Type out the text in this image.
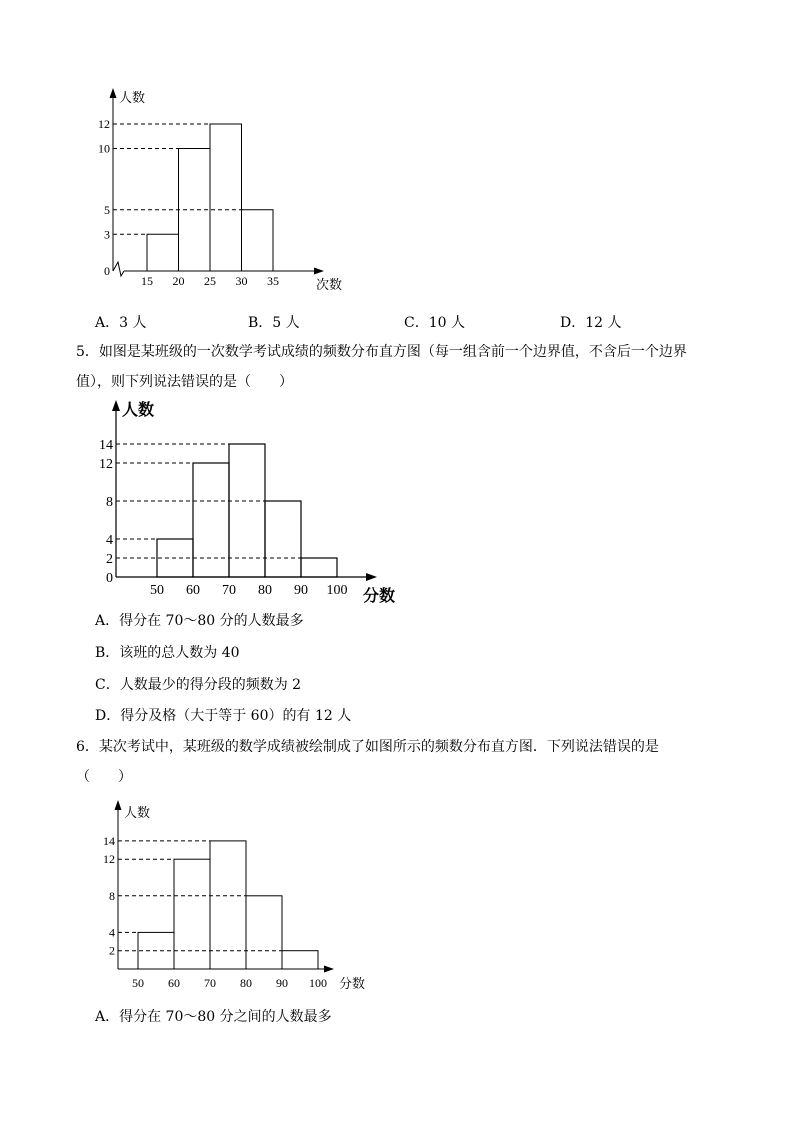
12
10
5
3
0
15 20 25 30 35
人数
次数
A．3 人	B．5 人	C．10 人	D．12 人
5．如图是某班级的一次数学考试成绩的频数分布直方图（每一组含前一个边界值，不含后一个边界
值），则下列说法错误的是（　　）
14
12
8
4
2
0
50 60 70 80 90 100
人数
分数
A．得分在 70～80 分的人数最多
B．该班的总人数为 40
C．人数最少的得分段的频数为 2
D．得分及格（大于等于 60）的有 12 人
6．某次考试中，某班级的数学成绩被绘制成了如图所示的频数分布直方图．下列说法错误的是
（　　）
14
12
8
4
2
50 60 70 80 90 100
人数
分数
A．得分在 70～80 分之间的人数最多
